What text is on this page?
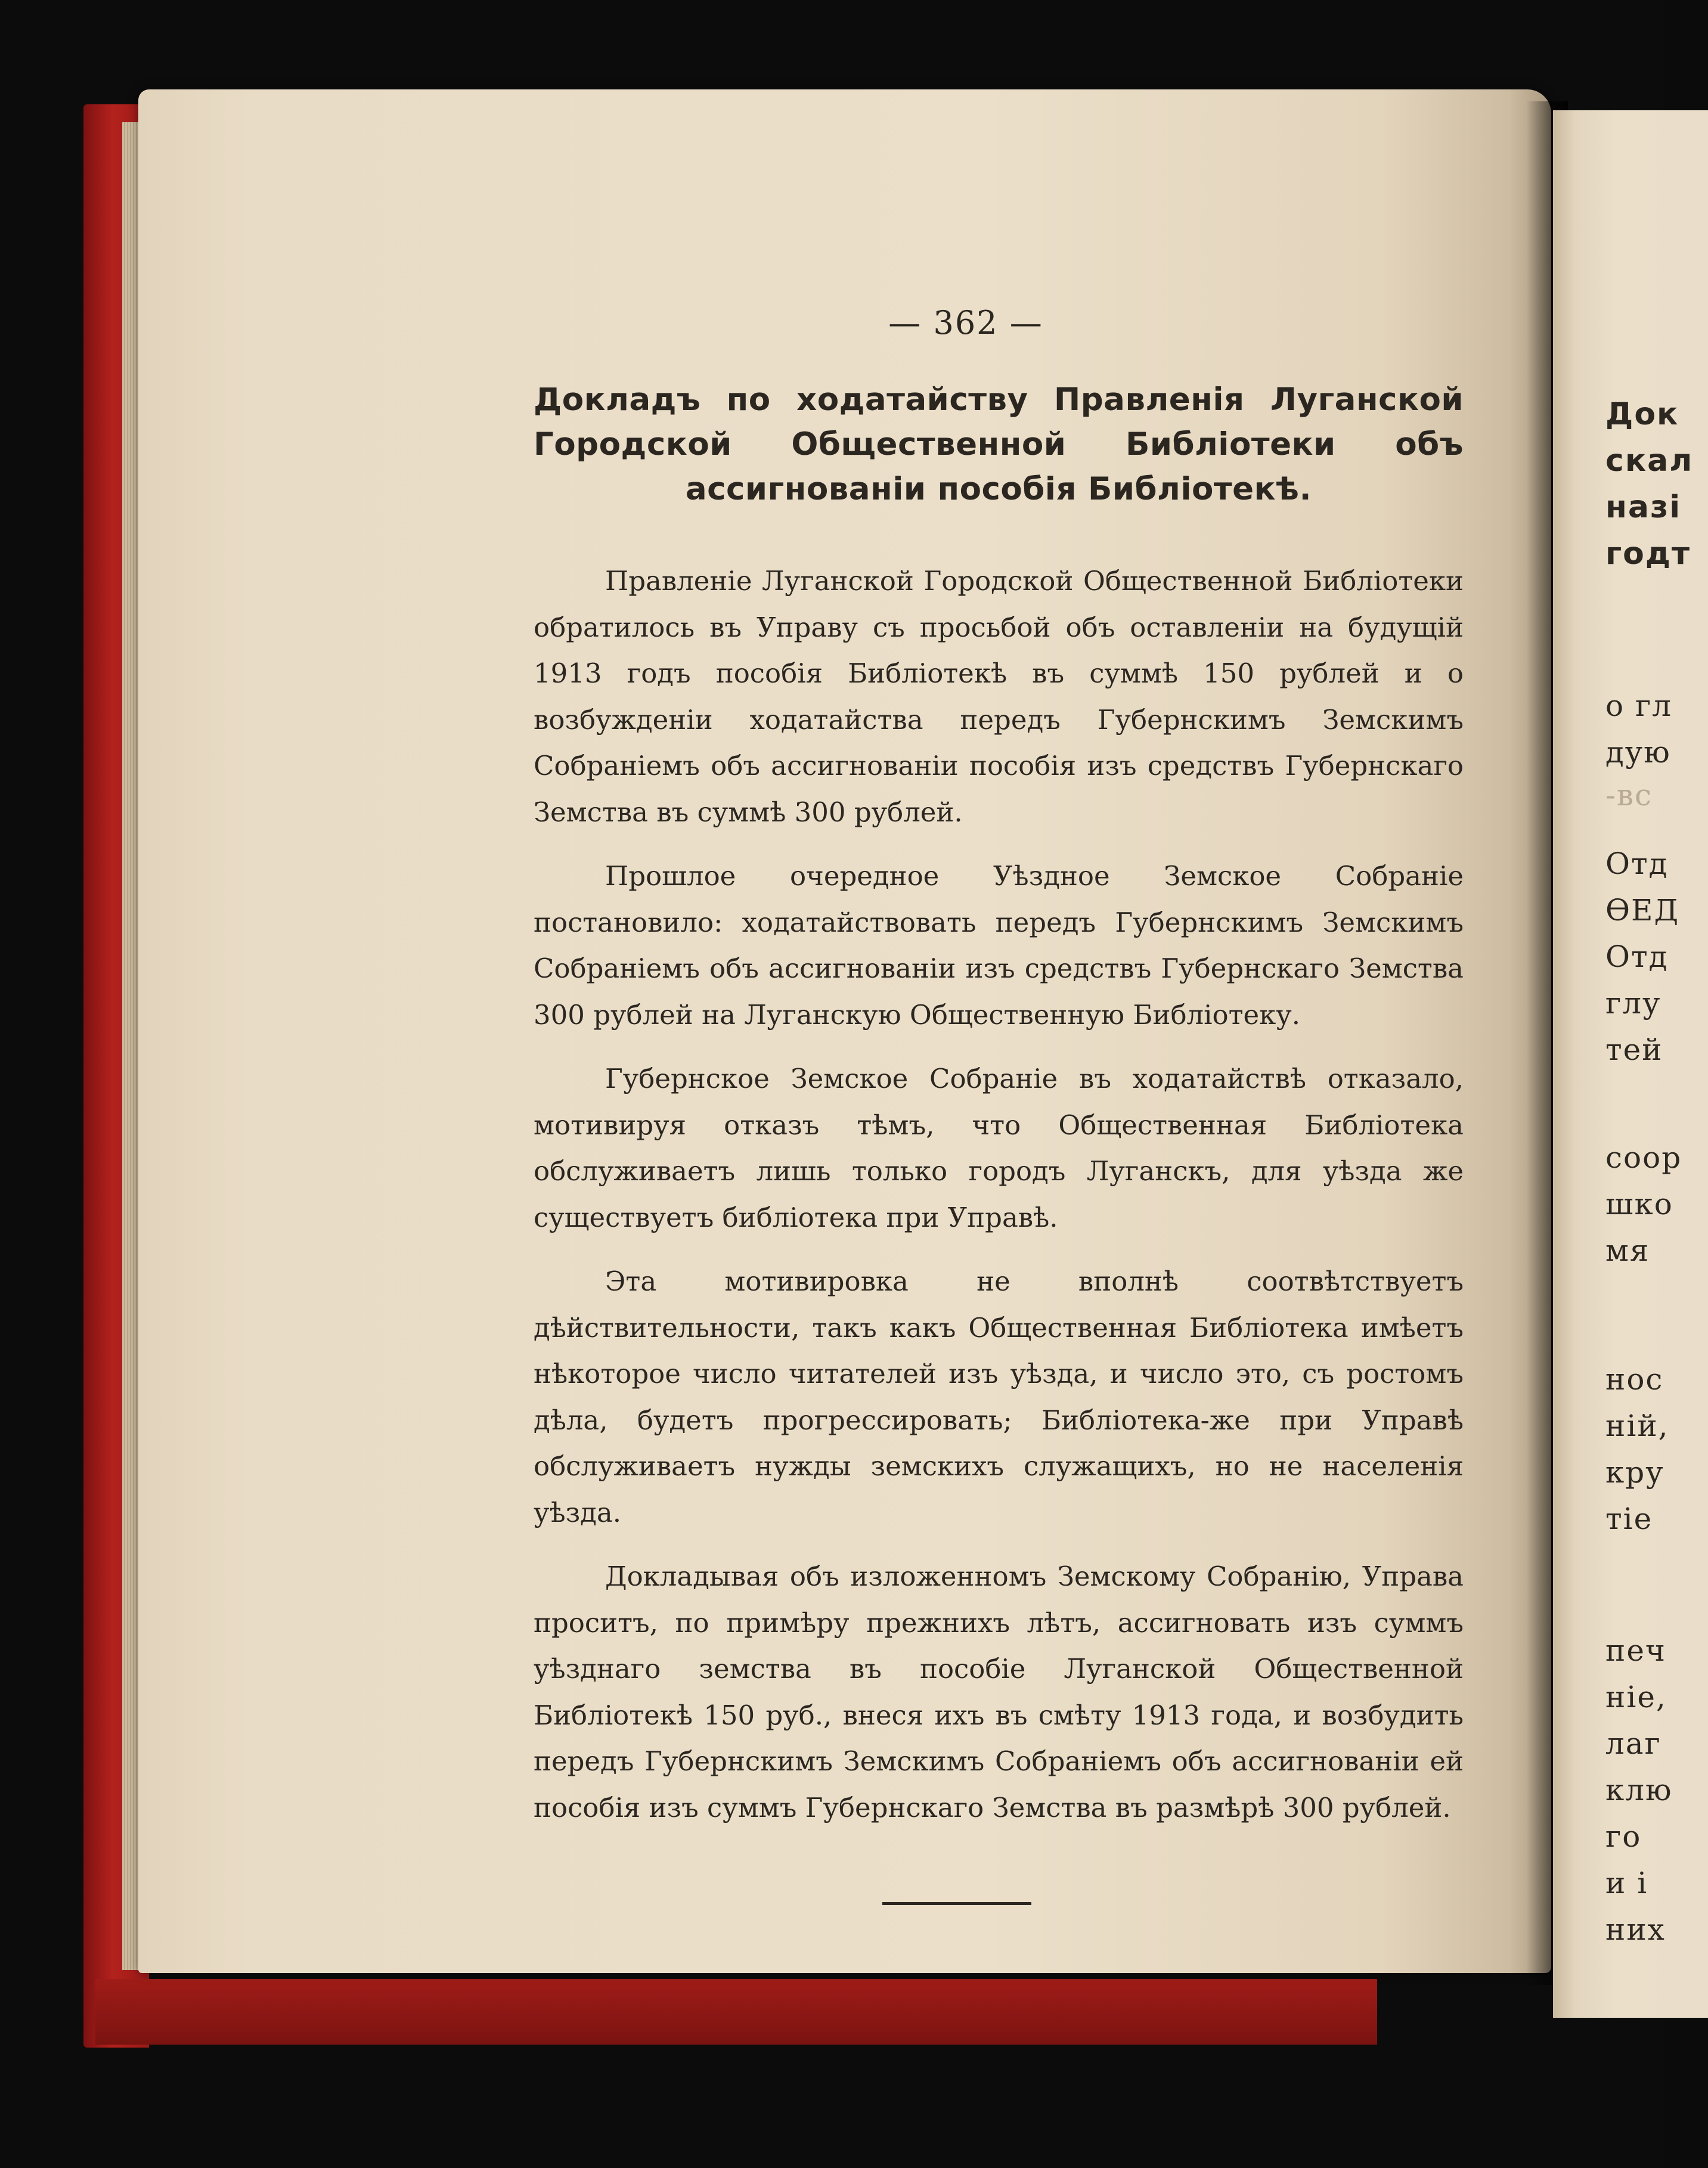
— 362 —
Докладъ по ходатайству Правленія Луганской Городской Общественной Библіотеки объ ассигнованіи пособія Библіотекѣ.

Правленіе Луганской Городской Общественной Библіотеки обратилось въ Управу съ просьбой объ оставленіи на будущій 1913 годъ пособія Библіотекѣ въ суммѣ 150 рублей и о возбужденіи ходатайства передъ Губернскимъ Земскимъ Собраніемъ объ ассигнованіи пособія изъ средствъ Губернскаго Земства въ суммѣ 300 рублей.

Прошлое очередное Уѣздное Земское Собраніе постановило: ходатайствовать передъ Губернскимъ Земскимъ Собраніемъ объ ассигнованіи изъ средствъ Губернскаго Земства 300 рублей на Луганскую Общественную Библіотеку.

Губернское Земское Собраніе въ ходатайствѣ отказало, мотивируя отказъ тѣмъ, что Общественная Библіотека обслуживаетъ лишь только городъ Луганскъ, для уѣзда же существуетъ библіотека при Управѣ.

Эта мотивировка не вполнѣ соотвѣтствуетъ дѣйствительности, такъ какъ Общественная Библіотека имѣетъ нѣкоторое число читателей изъ уѣзда, и число это, съ ростомъ дѣла, будетъ прогрессировать; Библіотека-же при Управѣ обслуживаетъ нужды земскихъ служащихъ, но не населенія уѣзда.

Докладывая объ изложенномъ Земскому Собранію, Управа проситъ, по примѣру прежнихъ лѣтъ, ассигновать изъ суммъ уѣзднаго земства въ пособіе Луганской Общественной Библіотекѣ 150 руб., внеся ихъ въ смѣту 1913 года, и возбудить передъ Губернскимъ Земскимъ Собраніемъ объ ассигнованіи ей пособія изъ суммъ Губернскаго Земства въ размѣрѣ 300 рублей.

Док
скал
назі
годт
о гл
дую
-вс
Отд
ӨЕД
Отд
глу
тей
соор
шко
мя
нос
ній,
кру
тіе
печ
ніе,
лаг
клю
го
и і
них
